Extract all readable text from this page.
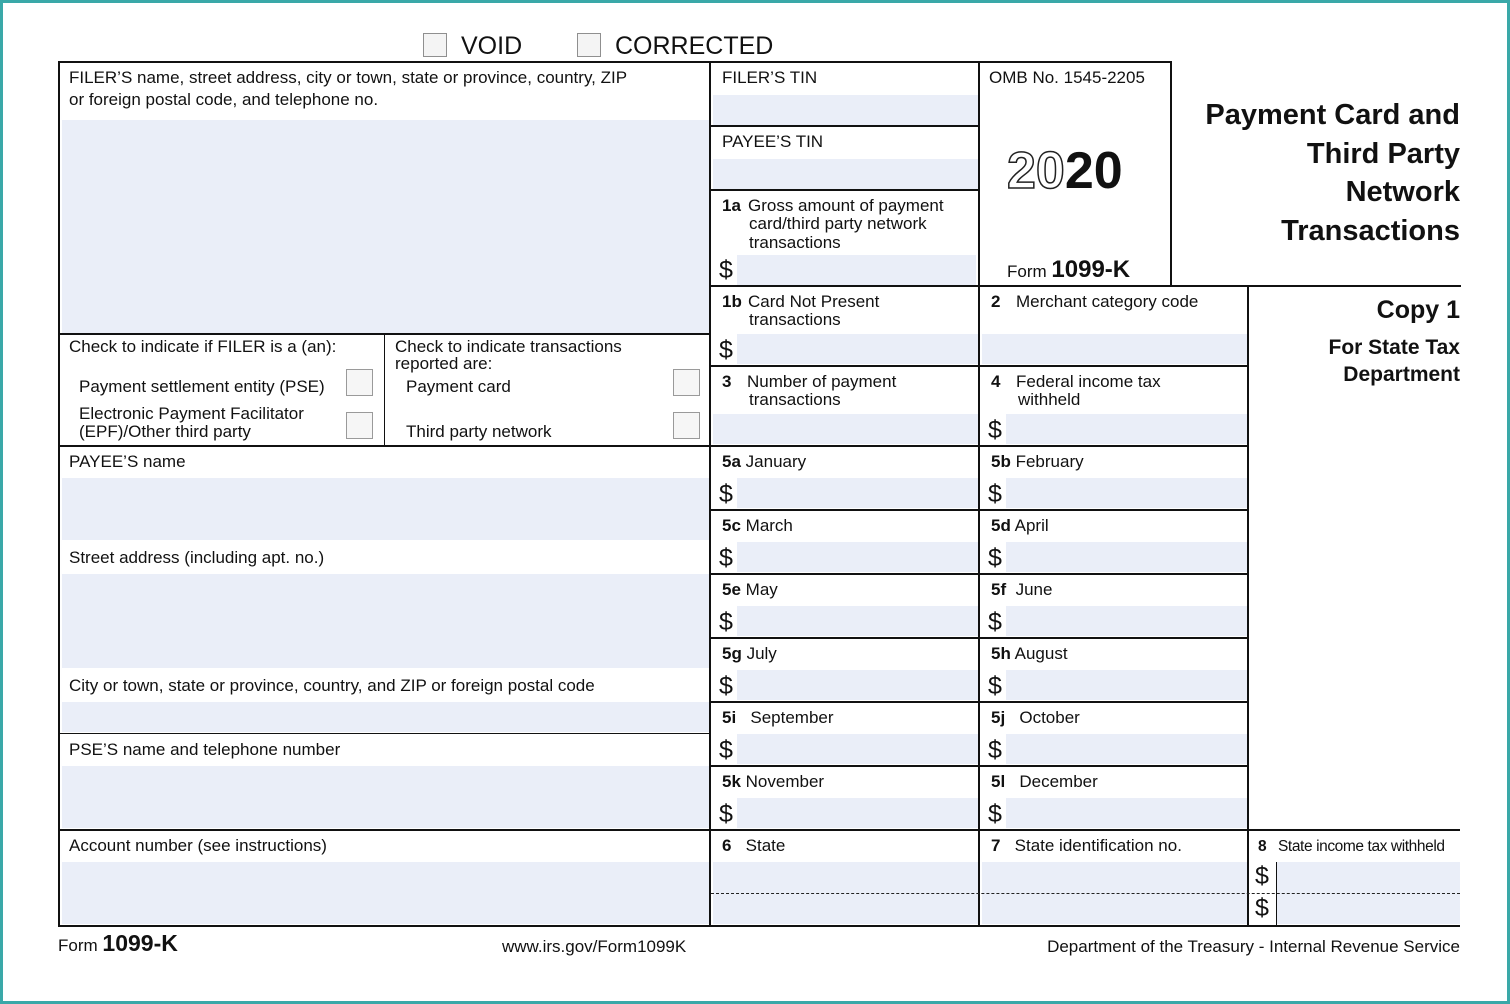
VOID	CORRECTED
FILER’S name, street address, city or town, state or province, country, ZIP
or foreign postal code, and telephone no.
Check to indicate if FILER is a (an):
Payment settlement entity (PSE)
Electronic Payment Facilitator
(EPF)/Other third party
Check to indicate transactions
reported are:
Payment card
Third party network
PAYEE’S name
Street address (including apt. no.)
City or town, state or province, country, and ZIP or foreign postal code
PSE’S name and telephone number
Account number (see instructions)
FILER’S TIN
PAYEE’S TIN
OMB No. 1545-2205
2020
Form 1099-K
Payment Card and
Third Party
Network
Transactions
Copy 1
For State Tax
Department
1a Gross amount of payment
card/third party network
transactions
$
1b Card Not Present
transactions
$
2 Merchant category code
3 Number of payment
transactions
4 Federal income tax
withheld
$
5a January
$
5b February
$
5c March
$
5d April
$
5e May
$
5f June
$
5g July
$
5h August
$
5i September
$
5j October
$
5k November
$
5l December
$
6 State	7 State identification no.	8 State income tax withheld
$
$
Form 1099-K	www.irs.gov/Form1099K	Department of the Treasury - Internal Revenue Service
